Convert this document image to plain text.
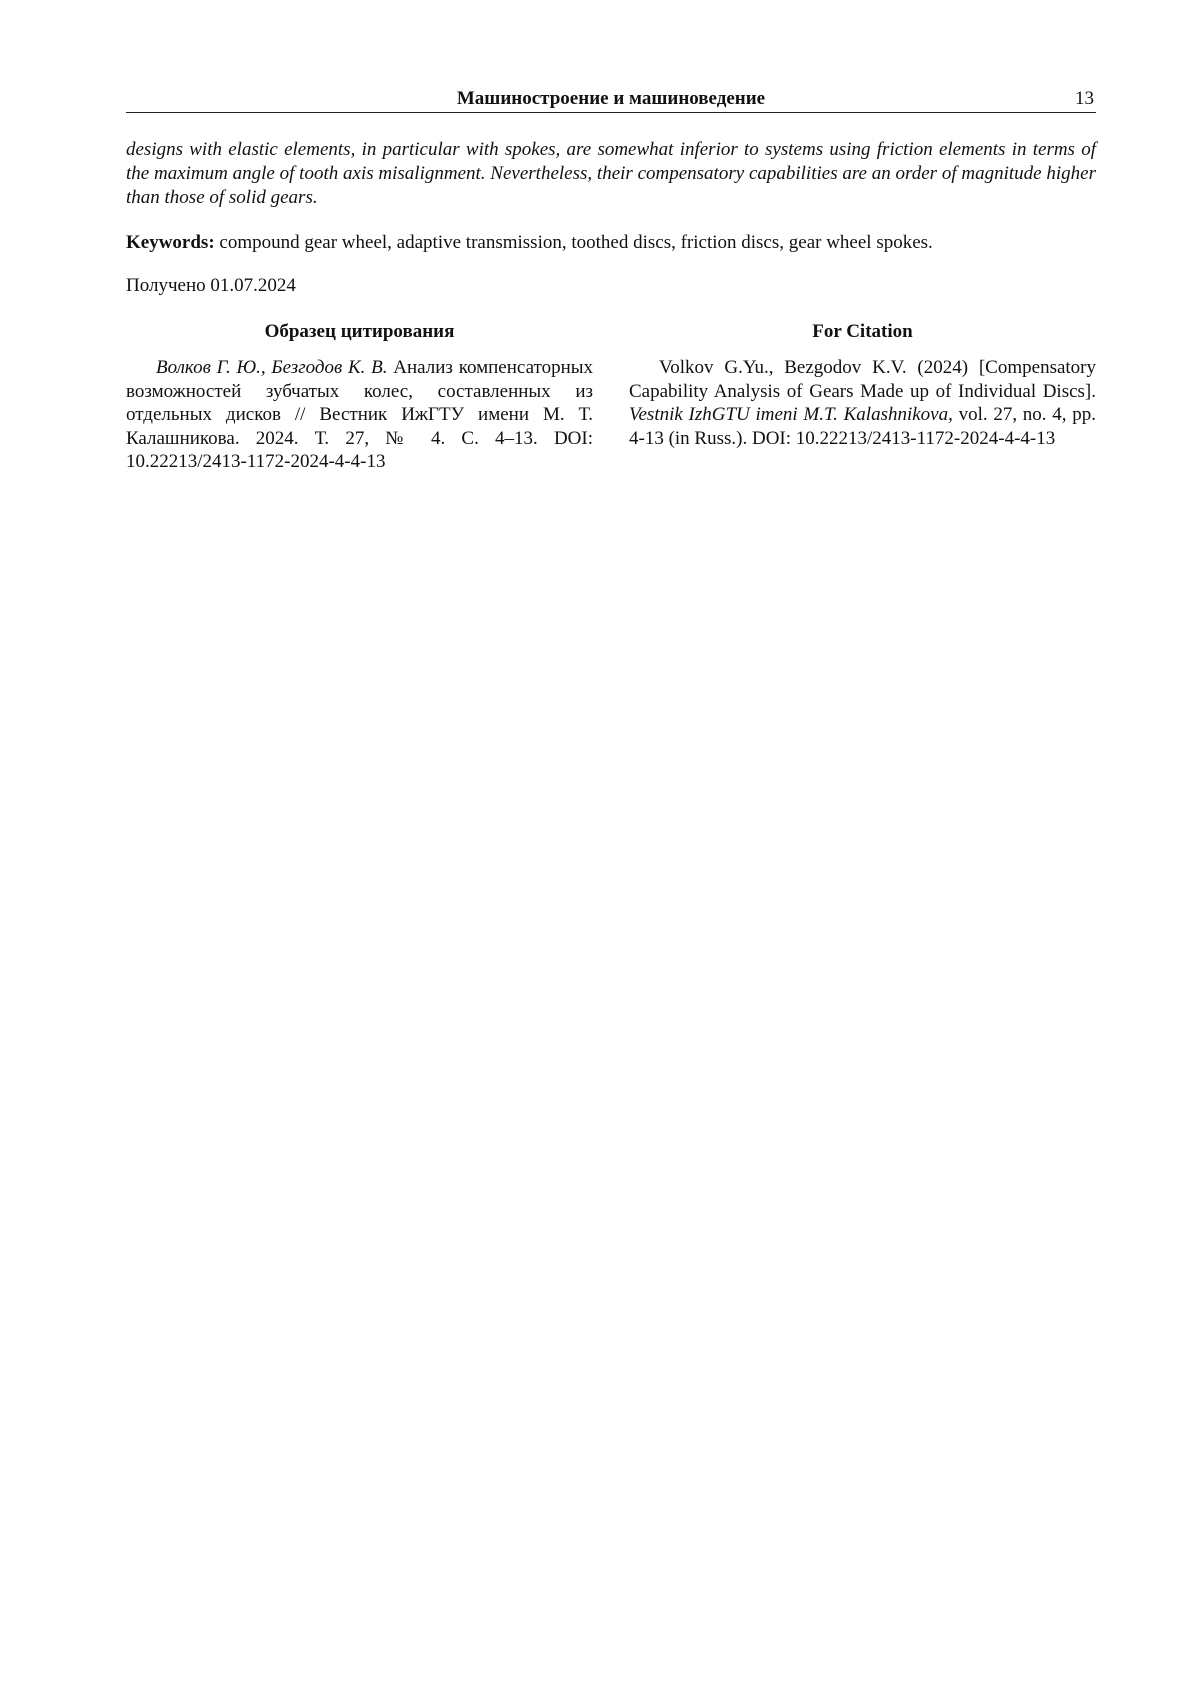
Машиностроение и машиноведение	13

designs with elastic elements, in particular with spokes, are somewhat inferior to systems using friction elements in terms of the maximum angle of tooth axis misalignment. Nevertheless, their compensatory capabilities are an order of magnitude higher than those of solid gears.

Keywords: compound gear wheel, adaptive transmission, toothed discs, friction discs, gear wheel spokes.

Получено 01.07.2024

Образец цитирования
Волков Г. Ю., Безгодов К. В. Анализ компенсаторных возможностей зубчатых колес, составленных из отдельных дисков // Вестник ИжГТУ имени М. Т. Калашникова. 2024. Т. 27, № 4. С. 4–13. DOI: 10.22213/2413-1172-2024-4-4-13
For Citation
Volkov G.Yu., Bezgodov K.V. (2024) [Compensatory Capability Analysis of Gears Made up of Individual Discs]. Vestnik IzhGTU imeni M.T. Kalashnikova, vol. 27, no. 4, pp. 4-13 (in Russ.). DOI: 10.22213/2413-1172-2024-4-4-13
